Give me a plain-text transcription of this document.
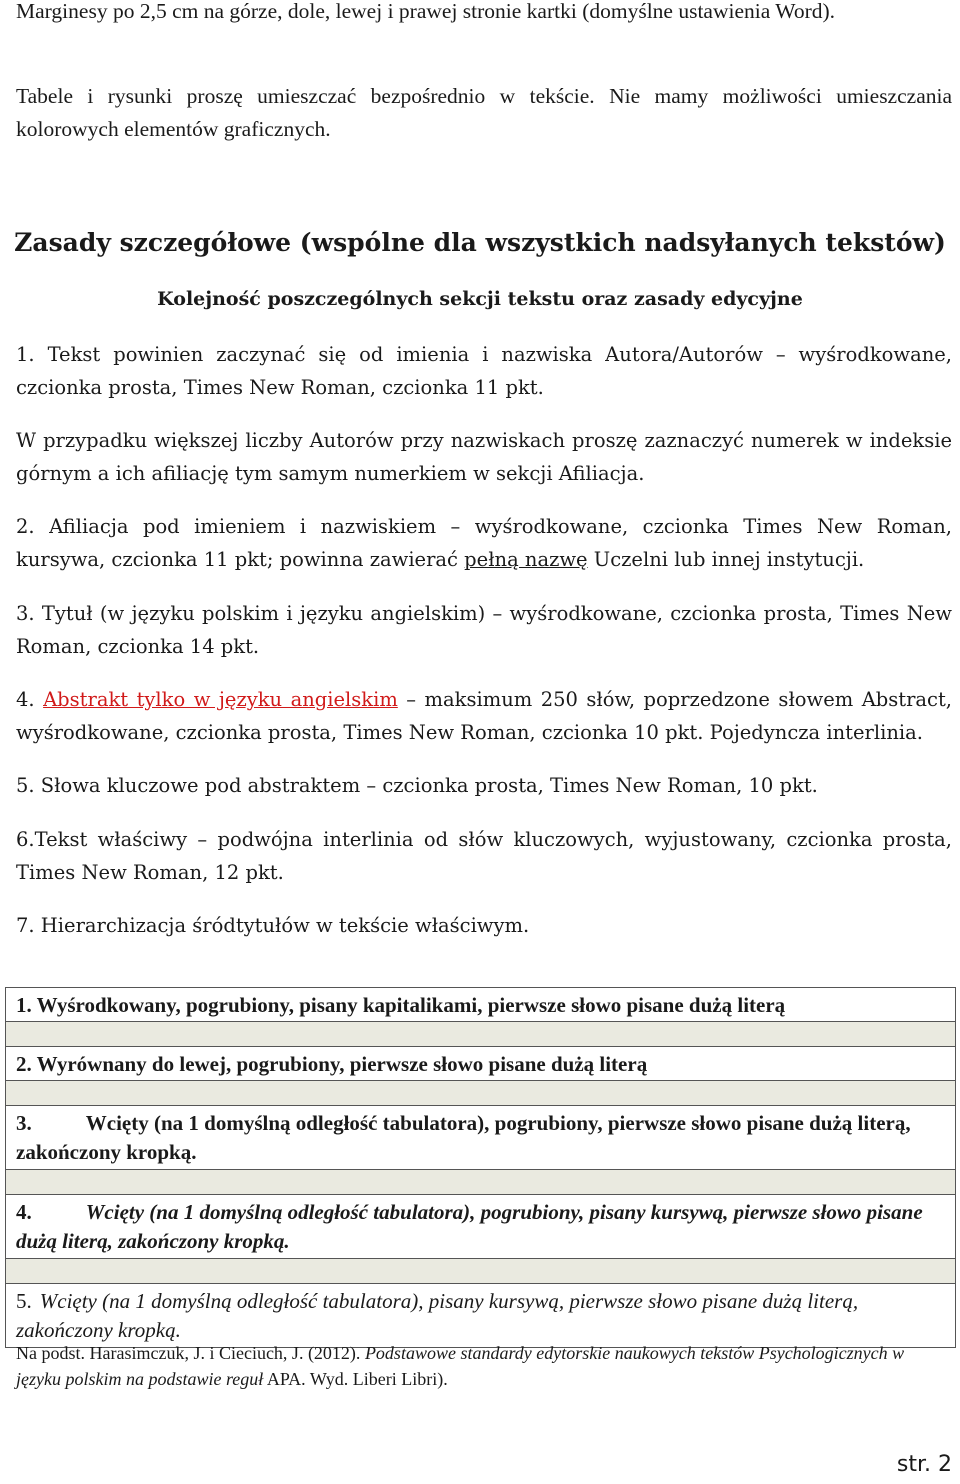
Marginesy po 2,5 cm na górze, dole, lewej i prawej stronie kartki (domyślne ustawienia Word).

Tabele i rysunki proszę umieszczać bezpośrednio w tekście. Nie mamy możliwości umieszczania kolorowych elementów graficznych.

Zasady szczegółowe (wspólne dla wszystkich nadsyłanych tekstów)
Kolejność poszczególnych sekcji tekstu oraz zasady edycyjne

1. Tekst powinien zaczynać się od imienia i nazwiska Autora/Autorów – wyśrodkowane, czcionka prosta, Times New Roman, czcionka 11 pkt.

W przypadku większej liczby Autorów przy nazwiskach proszę zaznaczyć numerek w indeksie górnym a ich afiliację tym samym numerkiem w sekcji Afiliacja.

2. Afiliacja pod imieniem i nazwiskiem – wyśrodkowane, czcionka Times New Roman, kursywa, czcionka 11 pkt; powinna zawierać pełną nazwę Uczelni lub innej instytucji.

3. Tytuł (w języku polskim i języku angielskim) – wyśrodkowane, czcionka prosta, Times New Roman, czcionka 14 pkt.

4. Abstrakt tylko w języku angielskim – maksimum 250 słów, poprzedzone słowem Abstract, wyśrodkowane, czcionka prosta, Times New Roman, czcionka 10 pkt. Pojedyncza interlinia.

5. Słowa kluczowe pod abstraktem – czcionka prosta, Times New Roman, 10 pkt.

6.Tekst właściwy – podwójna interlinia od słów kluczowych, wyjustowany, czcionka prosta, Times New Roman, 12 pkt.

7. Hierarchizacja śródtytułów w tekście właściwym.

1. Wyśrodkowany, pogrubiony, pisany kapitalikami, pierwsze słowo pisane dużą literą

2. Wyrównany do lewej, pogrubiony, pierwsze słowo pisane dużą literą

3.	Wcięty (na 1 domyślną odległość tabulatora), pogrubiony, pierwsze słowo pisane dużą literą, zakończony kropką.

4.	Wcięty (na 1 domyślną odległość tabulatora), pogrubiony, pisany kursywą, pierwsze słowo pisane dużą literą, zakończony kropką.

5. Wcięty (na 1 domyślną odległość tabulatora), pisany kursywą, pierwsze słowo pisane dużą literą, zakończony kropką.

Na podst. Harasimczuk, J. i Cieciuch, J. (2012). Podstawowe standardy edytorskie naukowych tekstów Psychologicznych w języku polskim na podstawie reguł APA. Wyd. Liberi Libri).

str. 2
